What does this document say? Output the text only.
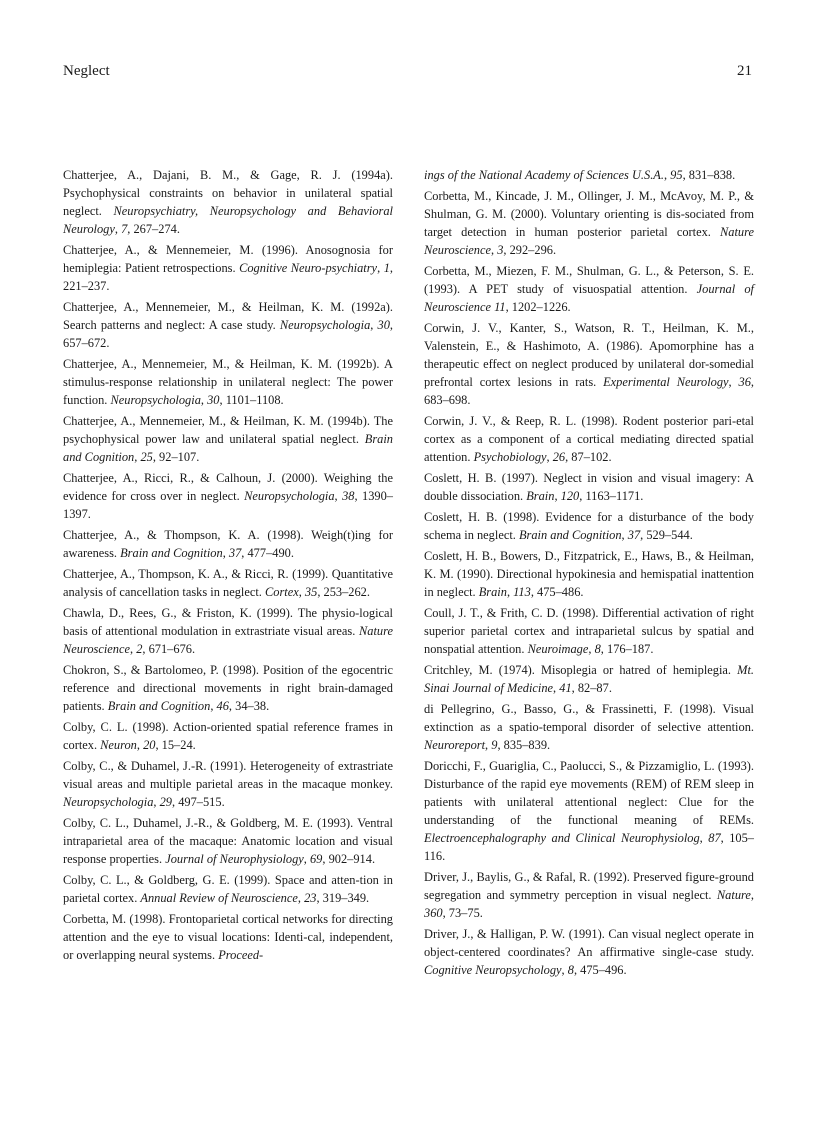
Neglect	21

Chatterjee, A., Dajani, B. M., & Gage, R. J. (1994a). Psychophysical constraints on behavior in unilateral spatial neglect. Neuropsychiatry, Neuropsychology and Behavioral Neurology, 7, 267–274.

Chatterjee, A., & Mennemeier, M. (1996). Anosognosia for hemiplegia: Patient retrospections. Cognitive Neuro-psychiatry, 1, 221–237.

Chatterjee, A., Mennemeier, M., & Heilman, K. M. (1992a). Search patterns and neglect: A case study. Neuropsychologia, 30, 657–672.

Chatterjee, A., Mennemeier, M., & Heilman, K. M. (1992b). A stimulus-response relationship in unilateral neglect: The power function. Neuropsychologia, 30, 1101–1108.

Chatterjee, A., Mennemeier, M., & Heilman, K. M. (1994b). The psychophysical power law and unilateral spatial neglect. Brain and Cognition, 25, 92–107.

Chatterjee, A., Ricci, R., & Calhoun, J. (2000). Weighing the evidence for cross over in neglect. Neuropsychologia, 38, 1390–1397.

Chatterjee, A., & Thompson, K. A. (1998). Weigh(t)ing for awareness. Brain and Cognition, 37, 477–490.

Chatterjee, A., Thompson, K. A., & Ricci, R. (1999). Quantitative analysis of cancellation tasks in neglect. Cortex, 35, 253–262.

Chawla, D., Rees, G., & Friston, K. (1999). The physio-logical basis of attentional modulation in extrastriate visual areas. Nature Neuroscience, 2, 671–676.

Chokron, S., & Bartolomeo, P. (1998). Position of the egocentric reference and directional movements in right brain-damaged patients. Brain and Cognition, 46, 34–38.

Colby, C. L. (1998). Action-oriented spatial reference frames in cortex. Neuron, 20, 15–24.

Colby, C., & Duhamel, J.-R. (1991). Heterogeneity of extrastriate visual areas and multiple parietal areas in the macaque monkey. Neuropsychologia, 29, 497–515.

Colby, C. L., Duhamel, J.-R., & Goldberg, M. E. (1993). Ventral intraparietal area of the macaque: Anatomic location and visual response properties. Journal of Neurophysiology, 69, 902–914.

Colby, C. L., & Goldberg, G. E. (1999). Space and atten-tion in parietal cortex. Annual Review of Neuroscience, 23, 319–349.

Corbetta, M. (1998). Frontoparietal cortical networks for directing attention and the eye to visual locations: Identi-cal, independent, or overlapping neural systems. Proceed-

ings of the National Academy of Sciences U.S.A., 95, 831–838.

Corbetta, M., Kincade, J. M., Ollinger, J. M., McAvoy, M. P., & Shulman, G. M. (2000). Voluntary orienting is dis-sociated from target detection in human posterior parietal cortex. Nature Neuroscience, 3, 292–296.

Corbetta, M., Miezen, F. M., Shulman, G. L., & Peterson, S. E. (1993). A PET study of visuospatial attention. Journal of Neuroscience 11, 1202–1226.

Corwin, J. V., Kanter, S., Watson, R. T., Heilman, K. M., Valenstein, E., & Hashimoto, A. (1986). Apomorphine has a therapeutic effect on neglect produced by unilateral dor-somedial prefrontal cortex lesions in rats. Experimental Neurology, 36, 683–698.

Corwin, J. V., & Reep, R. L. (1998). Rodent posterior pari-etal cortex as a component of a cortical mediating directed spatial attention. Psychobiology, 26, 87–102.

Coslett, H. B. (1997). Neglect in vision and visual imagery: A double dissociation. Brain, 120, 1163–1171.

Coslett, H. B. (1998). Evidence for a disturbance of the body schema in neglect. Brain and Cognition, 37, 529–544.

Coslett, H. B., Bowers, D., Fitzpatrick, E., Haws, B., & Heilman, K. M. (1990). Directional hypokinesia and hemispatial inattention in neglect. Brain, 113, 475–486.

Coull, J. T., & Frith, C. D. (1998). Differential activation of right superior parietal cortex and intraparietal sulcus by spatial and nonspatial attention. Neuroimage, 8, 176–187.

Critchley, M. (1974). Misoplegia or hatred of hemiplegia. Mt. Sinai Journal of Medicine, 41, 82–87.

di Pellegrino, G., Basso, G., & Frassinetti, F. (1998). Visual extinction as a spatio-temporal disorder of selective attention. Neuroreport, 9, 835–839.

Doricchi, F., Guariglia, C., Paolucci, S., & Pizzamiglio, L. (1993). Disturbance of the rapid eye movements (REM) of REM sleep in patients with unilateral attentional neglect: Clue for the understanding of the functional meaning of REMs. Electroencephalography and Clinical Neurophysiolog, 87, 105–116.

Driver, J., Baylis, G., & Rafal, R. (1992). Preserved figure-ground segregation and symmetry perception in visual neglect. Nature, 360, 73–75.

Driver, J., & Halligan, P. W. (1991). Can visual neglect operate in object-centered coordinates? An affirmative single-case study. Cognitive Neuropsychology, 8, 475–496.
